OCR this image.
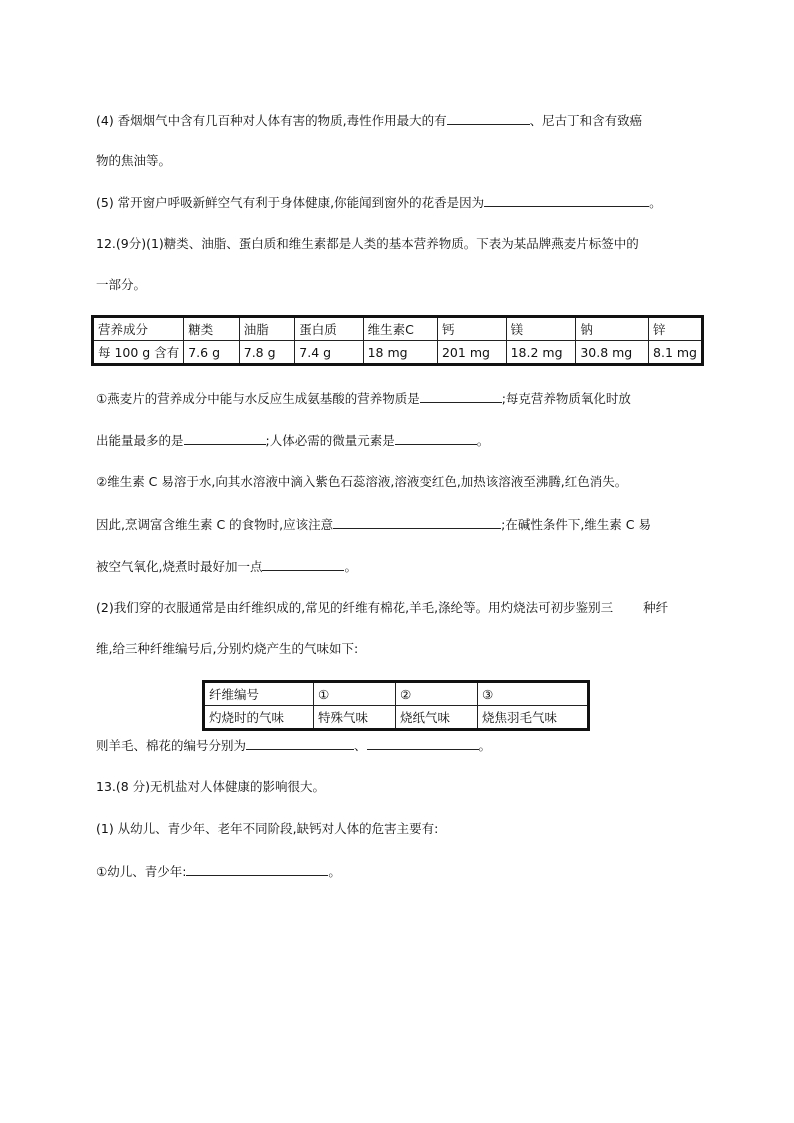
(4) 香烟烟气中含有几百种对人体有害的物质,毒性作用最大的有	、尼古丁和含有致癌
物的焦油等。
(5) 常开窗户呼吸新鲜空气有利于身体健康,你能闻到窗外的花香是因为	。
12.(9分)(1)糖类、油脂、蛋白质和维生素都是人类的基本营养物质。下表为某品牌燕麦片标签中的
一部分。
营养成分	糖类	油脂	蛋白质	维生素C	钙	镁	钠	锌
每 100 g 含有	7.6 g	7.8 g	7.4 g	18 mg	201 mg	18.2 mg	30.8 mg	8.1 mg
①燕麦片的营养成分中能与水反应生成氨基酸的营养物质是	;每克营养物质氧化时放
出能量最多的是	;人体必需的微量元素是	。
②维生素 C 易溶于水,向其水溶液中滴入紫色石蕊溶液,溶液变红色,加热该溶液至沸腾,红色消失。
因此,烹调富含维生素 C 的食物时,应该注意	;在碱性条件下,维生素 C 易
被空气氧化,烧煮时最好加一点	。
(2)我们穿的衣服通常是由纤维织成的,常见的纤维有棉花,羊毛,涤纶等。用灼烧法可初步鉴别三 种纤
维,给三种纤维编号后,分别灼烧产生的气味如下:
纤维编号	①	②	③
灼烧时的气味	特殊气味	烧纸气味	烧焦羽毛气味
则羊毛、棉花的编号分别为	、	。
13.(8 分)无机盐对人体健康的影响很大。
(1) 从幼儿、青少年、老年不同阶段,缺钙对人体的危害主要有:
①幼儿、青少年:	。
